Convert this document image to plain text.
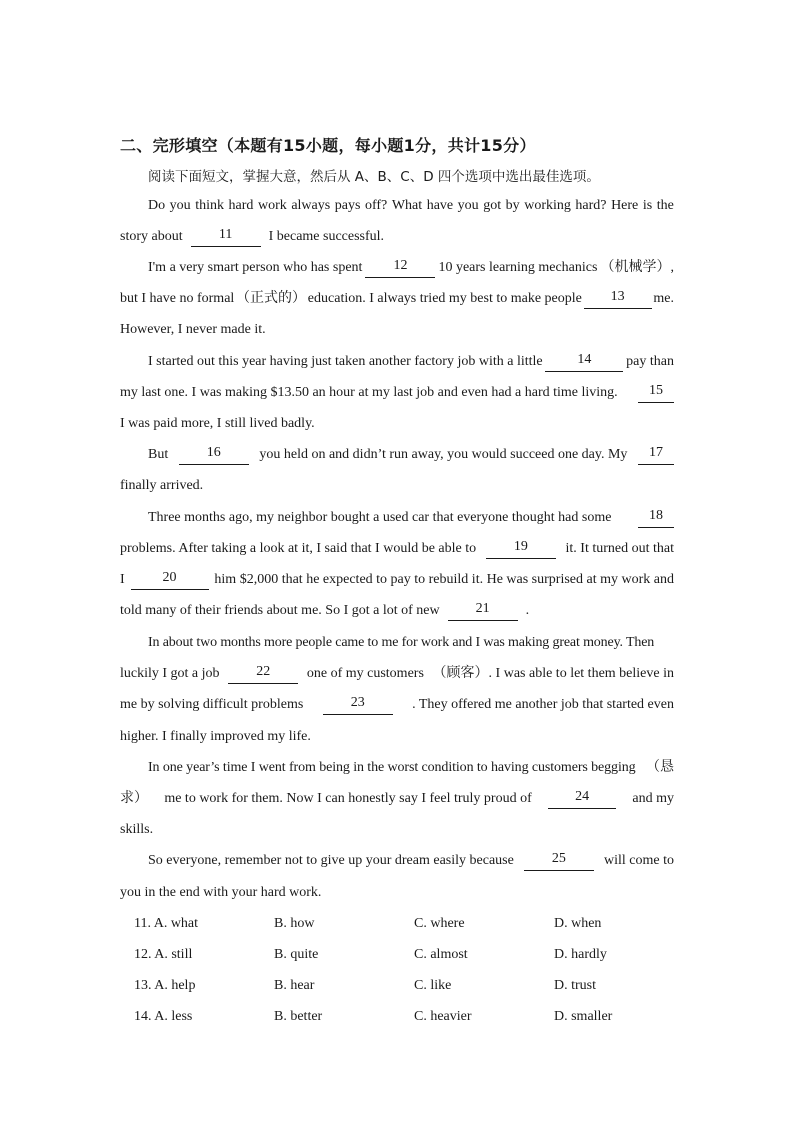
二、完形填空（本题有15小题，每小题1分，共计15分）
阅读下面短文，掌握大意，然后从 A、B、C、D 四个选项中选出最佳选项。
Do you think hard work always pays off? What have you got by working hard? Here is the
story about	11	I became successful.
I'm a very smart person who has spent	12	10 years learning mechanics （机械学）,
but I have no formal （正式的） education. I always tried my best to make people	13	me.
However, I never made it.
I started out this year having just taken another factory job with a little	14	pay than
my last one. I was making $13.50 an hour at my last job and even had a hard time living.	15
I was paid more, I still lived badly.
But	16	you held on and didn’t run away, you would succeed one day. My	17
finally arrived.
Three months ago, my neighbor bought a used car that everyone thought had some	18
problems. After taking a look at it, I said that I would be able to	19	it. It turned out that
I	20	him $2,000 that he expected to pay to rebuild it. He was surprised at my work and
told many of their friends about me. So I got a lot of new	21	.
In about two months more people came to me for work and I was making great money. Then
luckily I got a job	22	one of my customers （顾客）. I was able to let them believe in
me by solving difficult problems	23	. They offered me another job that started even
higher. I finally improved my life.
In one year’s time I went from being in the worst condition to having customers begging （恳
求） me to work for them. Now I can honestly say I feel truly proud of	24	and my
skills.
So everyone, remember not to give up your dream easily because	25	will come to
you in the end with your hard work.
11. A. what	B. how	C. where	D. when
12. A. still	B. quite	C. almost	D. hardly
13. A. help	B. hear	C. like	D. trust
14. A. less	B. better	C. heavier	D. smaller
